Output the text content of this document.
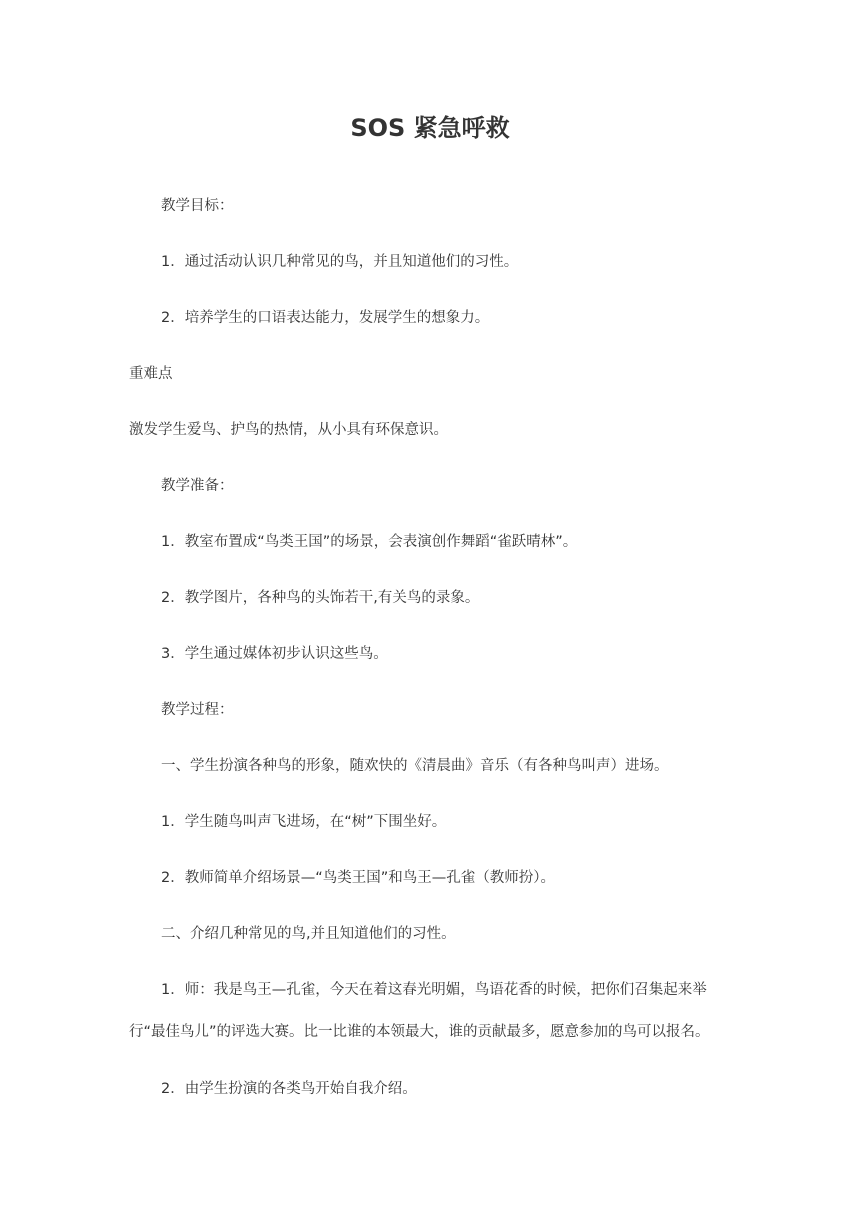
SOS 紧急呼救
教学目标：
1．通过活动认识几种常见的鸟，并且知道他们的习性。
2．培养学生的口语表达能力，发展学生的想象力。
重难点
激发学生爱鸟、护鸟的热情，从小具有环保意识。
教学准备：
1．教室布置成“鸟类王国”的场景，会表演创作舞蹈“雀跃晴林”。
2．教学图片，各种鸟的头饰若干,有关鸟的录象。
3．学生通过媒体初步认识这些鸟。
教学过程：
一、学生扮演各种鸟的形象，随欢快的《清晨曲》音乐（有各种鸟叫声）进场。
1．学生随鸟叫声飞进场，在“树”下围坐好。
2．教师简单介绍场景—“鸟类王国”和鸟王—孔雀（教师扮）。
二、介绍几种常见的鸟,并且知道他们的习性。
1．师：我是鸟王—孔雀，今天在着这春光明媚，鸟语花香的时候，把你们召集起来举
行“最佳鸟儿”的评选大赛。比一比谁的本领最大，谁的贡献最多，愿意参加的鸟可以报名。
2．由学生扮演的各类鸟开始自我介绍。
